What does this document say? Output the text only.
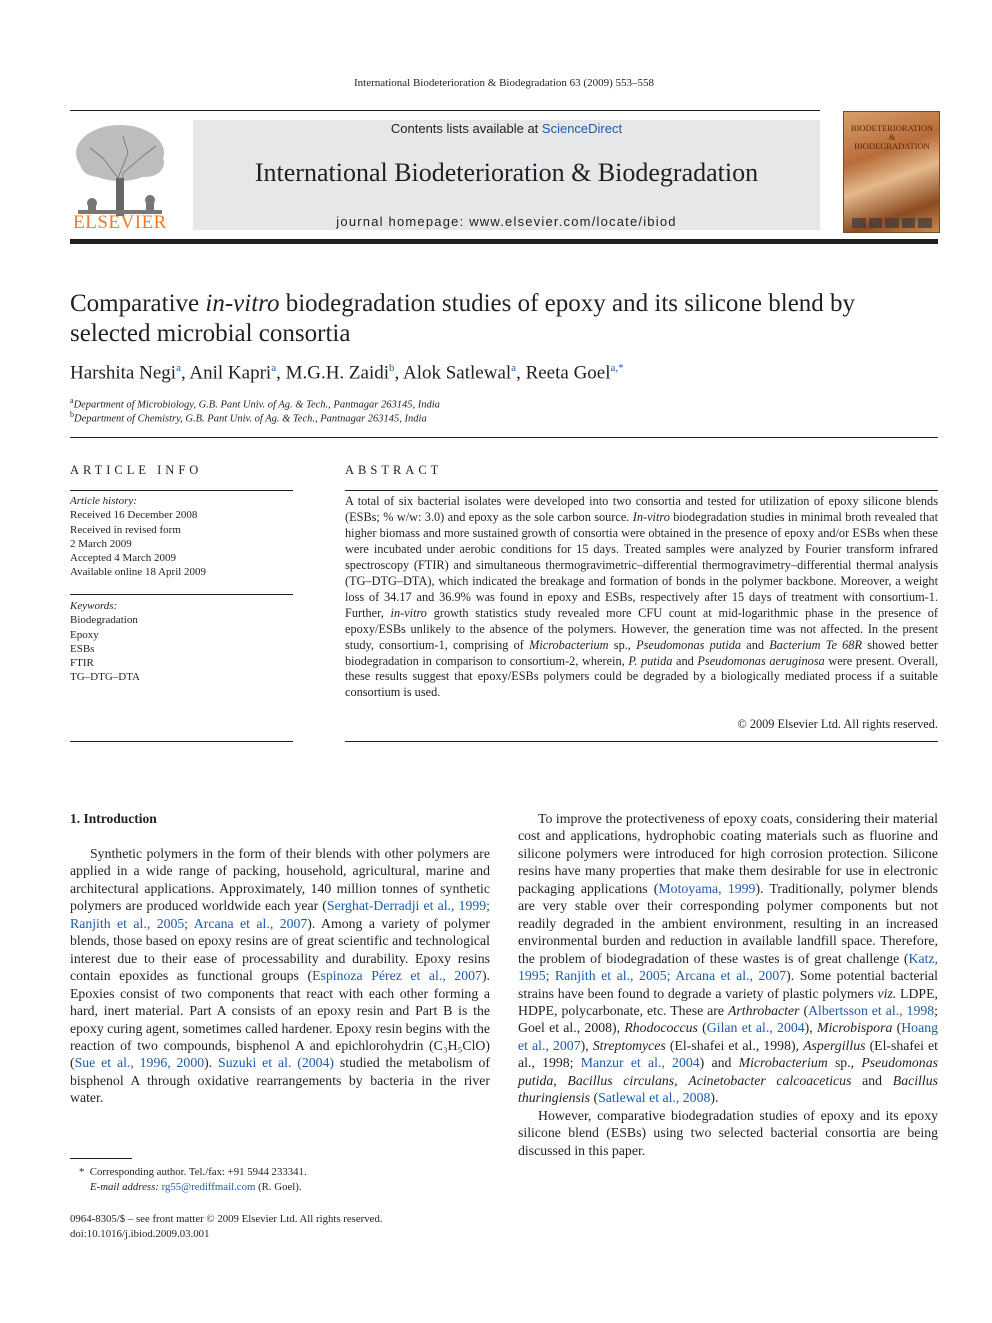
International Biodeterioration & Biodegradation 63 (2009) 553–558
ELSEVIER
Contents lists available at ScienceDirect
International Biodeterioration & Biodegradation
journal homepage: www.elsevier.com/locate/ibiod
BIODETERIORATION & BIODEGRADATION
Comparative in-vitro biodegradation studies of epoxy and its silicone blend by selected microbial consortia
Harshita Negi$^a$, Anil Kapri$^a$, M.G.H. Zaidi$^b$, Alok Satlewal$^a$, Reeta Goel$^{a,*}$
$^a$Department of Microbiology, G.B. Pant Univ. of Ag. & Tech., Pantnagar 263145, India
$^b$Department of Chemistry, G.B. Pant Univ. of Ag. & Tech., Pantnagar 263145, India
ARTICLE INFO
Article history:
Received 16 December 2008
Received in revised form
2 March 2009
Accepted 4 March 2009
Available online 18 April 2009
Keywords:
Biodegradation
Epoxy
ESBs
FTIR
TG–DTG–DTA
ABSTRACT
A total of six bacterial isolates were developed into two consortia and tested for utilization of epoxy silicone blends (ESBs; % w/w: 3.0) and epoxy as the sole carbon source. In-vitro biodegradation studies in minimal broth revealed that higher biomass and more sustained growth of consortia were obtained in the presence of epoxy and/or ESBs when these were incubated under aerobic conditions for 15 days. Treated samples were analyzed by Fourier transform infrared spectroscopy (FTIR) and simultaneous thermogravimetric–differential thermogravimetry–differential thermal analysis (TG–DTG–DTA), which indicated the breakage and formation of bonds in the polymer backbone. Moreover, a weight loss of 34.17 and 36.9% was found in epoxy and ESBs, respectively after 15 days of treatment with consortium-1. Further, in-vitro growth statistics study revealed more CFU count at mid-logarithmic phase in the presence of epoxy/ESBs unlikely to the absence of the polymers. However, the generation time was not affected. In the present study, consortium-1, comprising of Microbacterium sp., Pseudomonas putida and Bacterium Te 68R showed better biodegradation in comparison to consortium-2, wherein, P. putida and Pseudomonas aeruginosa were present. Overall, these results suggest that epoxy/ESBs polymers could be degraded by a biologically mediated process if a suitable consortium is used.
© 2009 Elsevier Ltd. All rights reserved.
1. Introduction

Synthetic polymers in the form of their blends with other polymers are applied in a wide range of packing, household, agricultural, marine and architectural applications. Approximately, 140 million tonnes of synthetic polymers are produced worldwide each year (Serghat-Derradji et al., 1999; Ranjith et al., 2005; Arcana et al., 2007). Among a variety of polymer blends, those based on epoxy resins are of great scientific and technological interest due to their ease of processability and durability. Epoxy resins contain epoxides as functional groups (Espinoza Pérez et al., 2007). Epoxies consist of two components that react with each other forming a hard, inert material. Part A consists of an epoxy resin and Part B is the epoxy curing agent, sometimes called hardener. Epoxy resin begins with the reaction of two compounds, bisphenol A and epichlorohydrin (C₃H₅ClO) (Sue et al., 1996, 2000). Suzuki et al. (2004) studied the metabolism of bisphenol A through oxidative rearrangements by bacteria in the river water.

To improve the protectiveness of epoxy coats, considering their material cost and applications, hydrophobic coating materials such as fluorine and silicone polymers were introduced for high corrosion protection. Silicone resins have many properties that make them desirable for use in electronic packaging applications (Motoyama, 1999). Traditionally, polymer blends are very stable over their corresponding polymer components but not readily degraded in the ambient environment, resulting in an increased environmental burden and reduction in available landfill space. Therefore, the problem of biodegradation of these wastes is of great challenge (Katz, 1995; Ranjith et al., 2005; Arcana et al., 2007). Some potential bacterial strains have been found to degrade a variety of plastic polymers viz. LDPE, HDPE, polycarbonate, etc. These are Arthrobacter (Albertsson et al., 1998; Goel et al., 2008), Rhodococcus (Gilan et al., 2004), Microbispora (Hoang et al., 2007), Streptomyces (El-shafei et al., 1998), Aspergillus (El-shafei et al., 1998; Manzur et al., 2004) and Microbacterium sp., Pseudomonas putida, Bacillus circulans, Acinetobacter calcoaceticus and Bacillus thuringiensis (Satlewal et al., 2008).

However, comparative biodegradation studies of epoxy and its epoxy silicone blend (ESBs) using two selected bacterial consortia are being discussed in this paper.

*  Corresponding author. Tel./fax: +91 5944 233341.
E-mail address: rg55@rediffmail.com (R. Goel).
0964-8305/$ – see front matter © 2009 Elsevier Ltd. All rights reserved.
doi:10.1016/j.ibiod.2009.03.001
